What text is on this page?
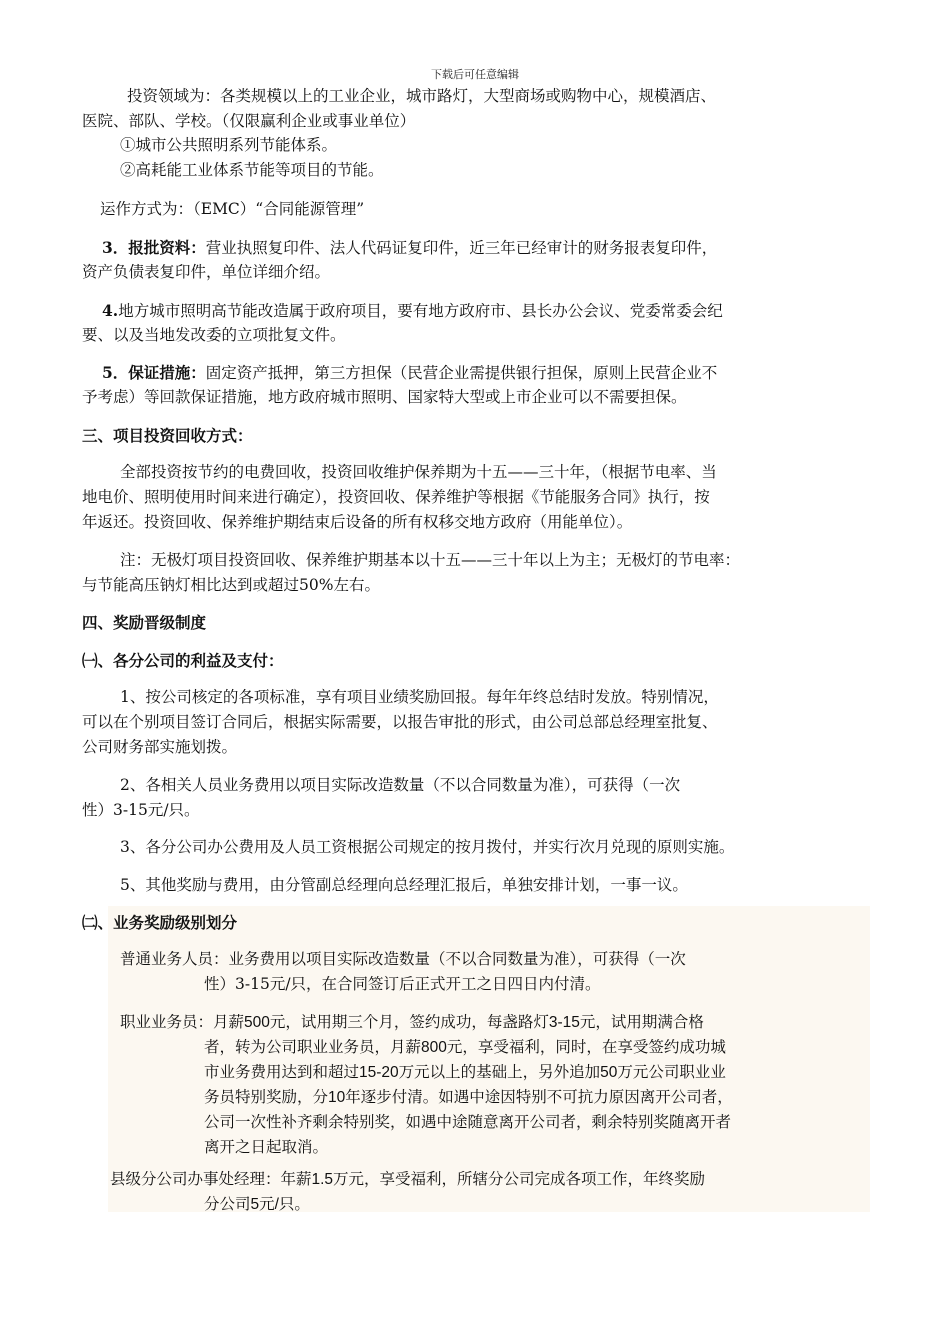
下载后可任意编辑
投资领域为：各类规模以上的工业企业，城市路灯，大型商场或购物中心，规模酒店、
医院、部队、学校。（仅限赢利企业或事业单位）
①城市公共照明系列节能体系。
②高耗能工业体系节能等项目的节能。
运作方式为：（EMC）“合同能源管理”
3．报批资料：营业执照复印件、法人代码证复印件，近三年已经审计的财务报表复印件，
资产负债表复印件，单位详细介绍。
4.地方城市照明高节能改造属于政府项目，要有地方政府市、县长办公会议、党委常委会纪
要、以及当地发改委的立项批复文件。
5．保证措施：固定资产抵押，第三方担保（民营企业需提供银行担保，原则上民营企业不
予考虑）等回款保证措施，地方政府城市照明、国家特大型或上市企业可以不需要担保。
三、项目投资回收方式：
全部投资按节约的电费回收，投资回收维护保养期为十五——三十年，（根据节电率、当
地电价、照明使用时间来进行确定），投资回收、保养维护等根据《节能服务合同》执行，按
年返还。投资回收、保养维护期结束后设备的所有权移交地方政府（用能单位）。
注：无极灯项目投资回收、保养维护期基本以十五——三十年以上为主；无极灯的节电率：
与节能高压钠灯相比达到或超过50%左右。
四、奖励晋级制度
㈠、各分公司的利益及支付：
1、按公司核定的各项标准，享有项目业绩奖励回报。每年年终总结时发放。特别情况，
可以在个别项目签订合同后，根据实际需要，以报告审批的形式，由公司总部总经理室批复、
公司财务部实施划拨。
2、各相关人员业务费用以项目实际改造数量（不以合同数量为准），可获得（一次
性）3-15元/只。
3、各分公司办公费用及人员工资根据公司规定的按月拨付，并实行次月兑现的原则实施。
5、其他奖励与费用，由分管副总经理向总经理汇报后，单独安排计划，一事一议。
㈡、业务奖励级别划分
普通业务人员：业务费用以项目实际改造数量（不以合同数量为准），可获得（一次
性）3-15元/只，在合同签订后正式开工之日四日内付清。
职业业务员：月薪500元，试用期三个月，签约成功，每盏路灯3-15元，试用期满合格
者，转为公司职业业务员，月薪800元，享受福利，同时，在享受签约成功城
市业务费用达到和超过15-20万元以上的基础上，另外追加50万元公司职业业
务员特别奖励，分10年逐步付清。如遇中途因特别不可抗力原因离开公司者，
公司一次性补齐剩余特别奖，如遇中途随意离开公司者，剩余特别奖随离开者
离开之日起取消。
县级分公司办事处经理：年薪1.5万元，享受福利，所辖分公司完成各项工作，年终奖励
分公司5元/只。
